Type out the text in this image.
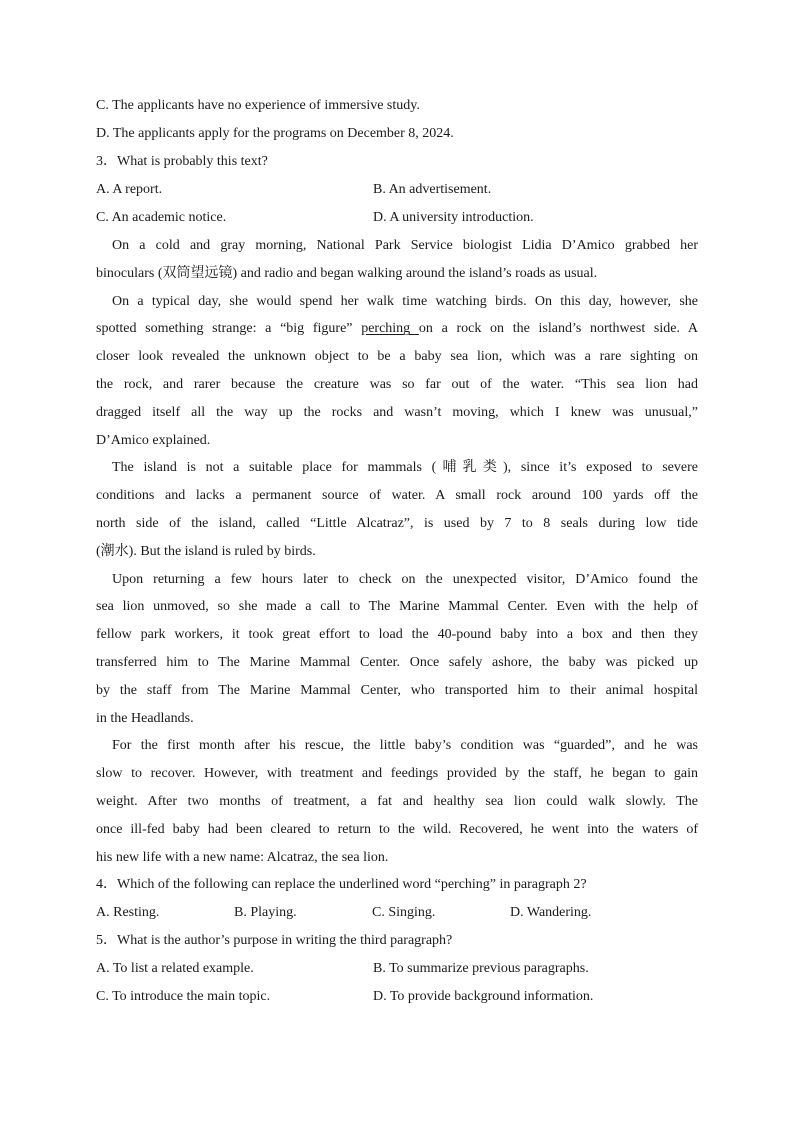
C. The applicants have no experience of immersive study.
D. The applicants apply for the programs on December 8, 2024.
3．What is probably this text?
A. A report.	B. An advertisement.
C. An academic notice.	D. A university introduction.

On a cold and gray morning, National Park Service biologist Lidia D’Amico grabbed her

binoculars (双筒望远镜) and radio and began walking around the island’s roads as usual.

On a typical day, she would spend her walk time watching birds. On this day, however, she

spotted something strange: a “big figure” perching on a rock on the island’s northwest side. A

closer look revealed the unknown object to be a baby sea lion, which was a rare sighting on

the rock, and rarer because the creature was so far out of the water. “This sea lion had

dragged itself all the way up the rocks and wasn’t moving, which I knew was unusual,”

D’Amico explained.

The island is not a suitable place for mammals (哺乳类), since it’s exposed to severe

conditions and lacks a permanent source of water. A small rock around 100 yards off the

north side of the island, called “Little Alcatraz”, is used by 7 to 8 seals during low tide

(潮水). But the island is ruled by birds.

Upon returning a few hours later to check on the unexpected visitor, D’Amico found the

sea lion unmoved, so she made a call to The Marine Mammal Center. Even with the help of

fellow park workers, it took great effort to load the 40-pound baby into a box and then they

transferred him to The Marine Mammal Center. Once safely ashore, the baby was picked up

by the staff from The Marine Mammal Center, who transported him to their animal hospital

in the Headlands.

For the first month after his rescue, the little baby’s condition was “guarded”, and he was

slow to recover. However, with treatment and feedings provided by the staff, he began to gain

weight. After two months of treatment, a fat and healthy sea lion could walk slowly. The

once ill-fed baby had been cleared to return to the wild. Recovered, he went into the waters of

his new life with a new name: Alcatraz, the sea lion.

4．Which of the following can replace the underlined word “perching” in paragraph 2?
A. Resting.	B. Playing.	C. Singing.	D. Wandering.
5．What is the author’s purpose in writing the third paragraph?
A. To list a related example.	B. To summarize previous paragraphs.
C. To introduce the main topic.	D. To provide background information.
